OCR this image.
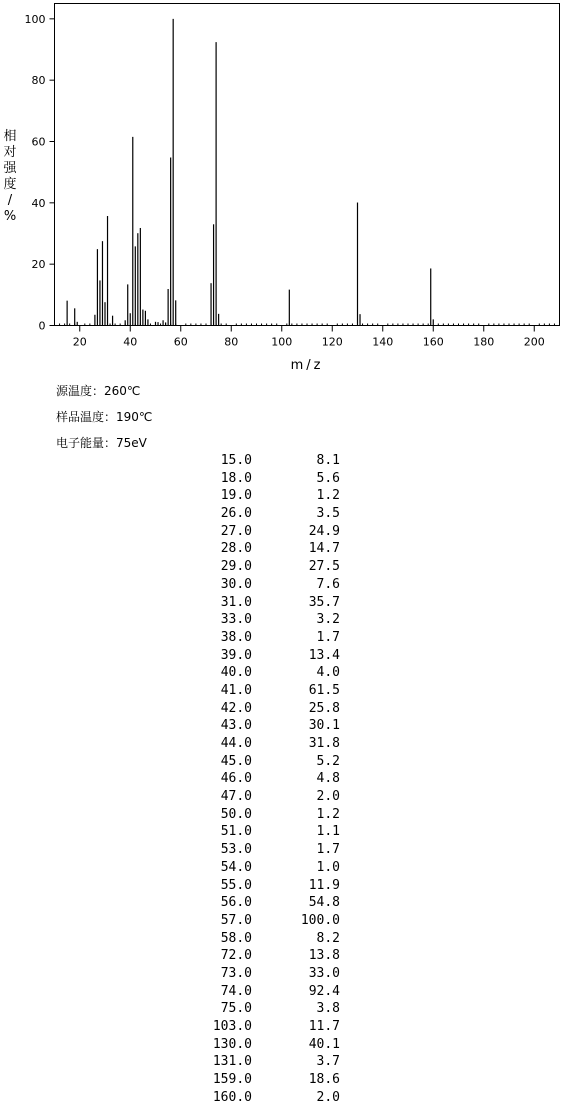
0
20
40
60
80
100
20	40	60	80	100	120	140	160	180	200
m/z
相对强度/ %
源温度：260℃
样品温度：190℃
电子能量：75eV
15.0	8.1
18.0	5.6
19.0	1.2
26.0	3.5
27.0	24.9
28.0	14.7
29.0	27.5
30.0	7.6
31.0	35.7
33.0	3.2
38.0	1.7
39.0	13.4
40.0	4.0
41.0	61.5
42.0	25.8
43.0	30.1
44.0	31.8
45.0	5.2
46.0	4.8
47.0	2.0
50.0	1.2
51.0	1.1
53.0	1.7
54.0	1.0
55.0	11.9
56.0	54.8
57.0	100.0
58.0	8.2
72.0	13.8
73.0	33.0
74.0	92.4
75.0	3.8
103.0	11.7
130.0	40.1
131.0	3.7
159.0	18.6
160.0	2.0
